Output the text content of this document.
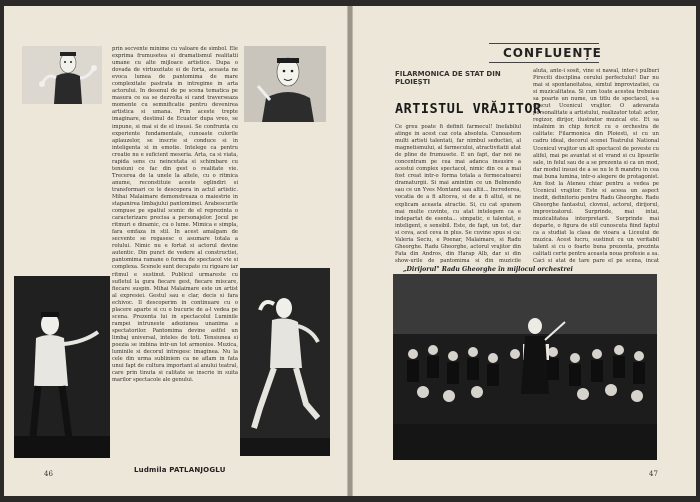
prin secvente minime cu valoare de simbol. Ele exprima frumusetea si dramatismul realitatii umane cu alte mijloace artistice. Dupa o dovada de virtuozitate si de forta, aceasta ne evoca lumea de pantomima de mare complexitate pastrata in intregime in arta actorului. In desenul de pe scena tematica pe masura ce ea se dezvolta si cand traverseaza momente cu semnificatie pentru devenirea artistica si umana. Prin aceste trepte imaginare, destinul de Ecuator dupa vreo, se impune, si mai si de el insusi. Se confrunta cu experiente fundamentale, cunoaste culorile aplauzelor, se inscrie si conduce si in inteligenta si in emotie. Intelege ca pentru creatie nu e suficient meseria. Arta, ca si viata, rapida sens cu neincetata si schimbare cu tensiuni ce fac din gest o realitate vie. Trecerea de la unele la altele, cu o ritmica anume, reconstituie aceste oglindiri si transformari ce le descopera in actul artistic. Mihai Malaimare demonstreaza o maiestrie in stapanirea limbajului pantomimei. Arabescurile compuse pe spatiul scenic de el reprezinta o caracterizare precisa a personajelor. Jocul pe ritmuri e dinamic, cu o lume. Mimica e simpla, fara emfaza in stil. In acest amalgam de secvente se regasesc o asumare totala a rolului. Nimic nu e fortat si actorul devine autentic. Din punct de vedere al constructiei, pantomima ramane o forma de spectacol vie si complexa. Scenele sunt decupate cu rigoare iar ritmul e sustinut. Publicul urmareste cu sufletul la gura fiecare gest, fiecare miscare, fiecare suspin. Mihai Malaimare este un artist al expresiei. Gestul sau e clar, decis si fara echivoc. Il descoperim in continuare cu o placere aparte si cu o bucurie de a-l vedea pe scena. Prezenta lui in spectacolul Luminile rampei intruneste adeziunea unanima a spectatorilor. Pantomima devine astfel un limbaj universal, inteles de toti. Tensiunea si poezia se imbina intr-un tot armonios. Muzica, luminile si decorul intregesc imaginea. Nu la cele din urma subliniem ca ne aflam in fata unui fapt de cultura important al anului teatral, care prin tinuta si calitate se inscrie in suita marilor spectacole ale genului.
Ludmila PATLANJOGLU
46
CONFLUENȚE
FILARMONICA DE STAT DIN PLOIEȘTI
ARTISTUL VRĂJITOR
Ce greu poate fi definit farmecul! Inefabilul atinge in acest caz cota absoluta. Cunoastem multi artisti talentati, far nimbul seductiei, al magnetismului, al farmecului, atractivitatii atat de pline de frumusete. E un fapt, dar noi ne concentram pe cea mai adanca insusire a acestui complex spectacol, nimic din ce a mai fost creat intr-o forma totala a fermecatoarei dramaturgii. Si mai amintim ce un Belmondo sau ce un Yves Montand sau altii... Increderea, vocatia de a fi altceva, si de a fi altul, si ne explicam aceasta atractie. Si, cu cat spunem mai multe cuvinte, cu atat intelegem ca e indepartat de esenta... simpatic, e talentat, e inteligent, e sensibil. Este, de fapt, un tot, dar si ceva, acel ceva in plus. Se cuvine spus si ca: Valeria Seciu, e Poenar, Malaimare, si Radu Gheorghe. Radu Gheorghe, actorul vrajitor din Fata din Andros, din Harap Alb, dar si din show-urile de pantomima si din muzicile
aluta, ante-i sosit, vine si nawal, inter-i pulburi Pireciti disciplina cerului perfectului! Dar nu mai si spontaneitatea, simtul improvizatiei, ca si muzicalitatea. Si cum toate acestea trebuiau sa poarte un nume, un titlu de spectacol, s-a nascut Ucenicul vrajitor. O adevarata personalitate a artistului, realizator total: actor, regizor, dirijor, ilustrator muzical etc. Et sa intalnim in chip fericit cu o orchestra de calitate: Filarmonica din Ploiesti, si cu un cadru ideal, decorul scenei Teatrului National Ucenicul vrajitor un alt spectacol de poveste cu alifel, mai pe avantat si el vrand si cu lipsurile sale, in felul sau de a se prezenta si ca un mod, dar modul insusi de a se nu le fi mandru in cea mai buna lumina, intr-o alegere de protagonist. Am fost la Ateneu chiar pentru a vedea pe Ucenicul vrajitor. Este si aceea un aspect inedit, definitoriu pentru Radu Gheorghe. Radu Gheorghe fantastul, clovnul, actorul, dirijorul, improvizatorul. Surprinde, mai intai, muzicalitatea interpretarii. Surprinde mai departe, o figura de stil cunoscuta fiind faptul ca a studiat la clasa de vioara a Liceului de muzica. Acest lucru, sustinut cu un veritabil talent si cu o foarte buna prezenta, prezinta calitati certe pentru aceasta noua profesie a sa. Caci si atat de tare pare el pe scena, incat
„Dirijorul" Radu Gheorghe în mijlocul orchestrei
47
